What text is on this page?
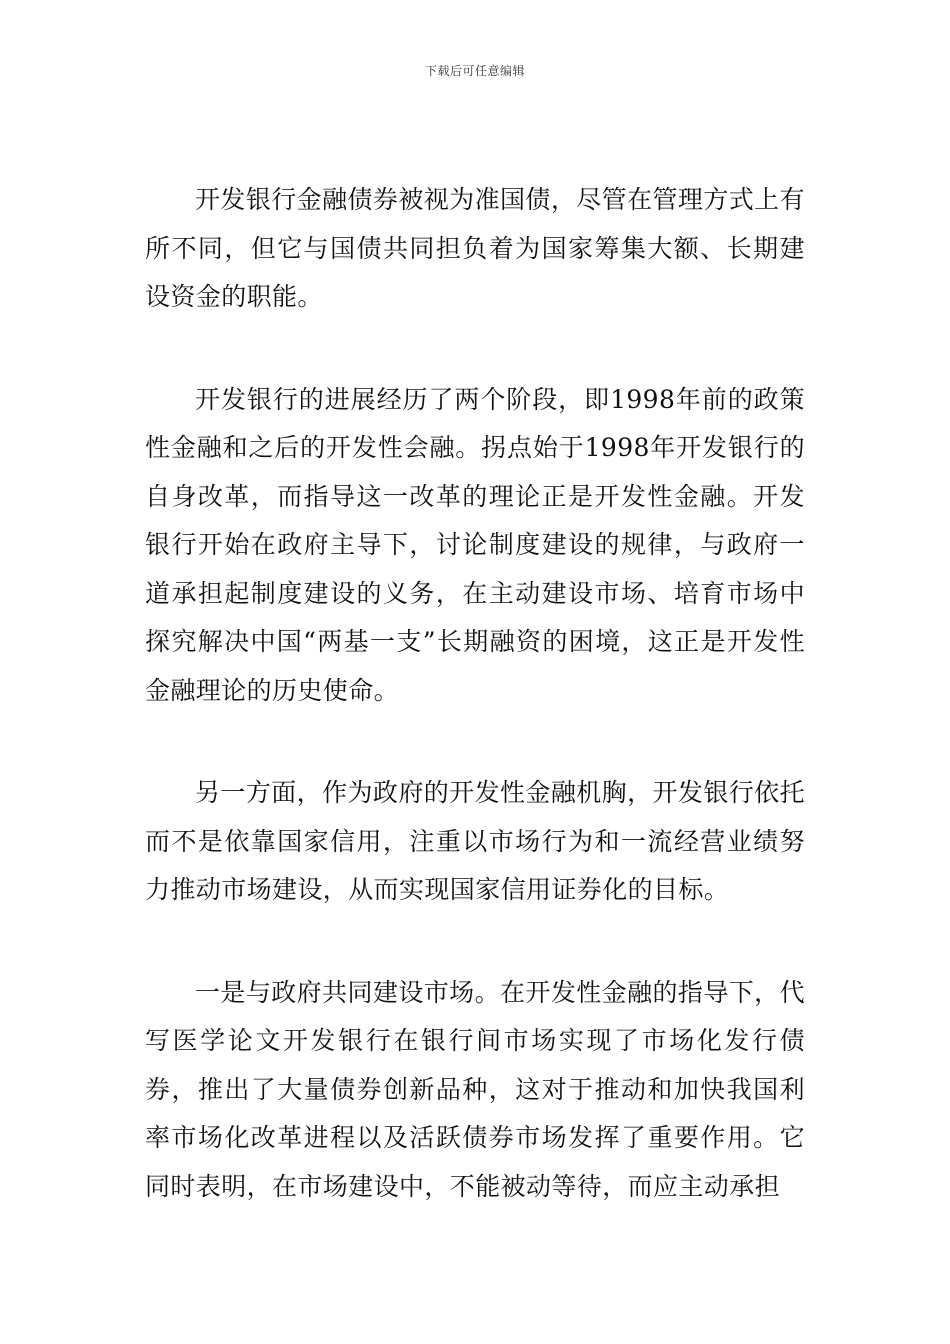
下载后可任意编辑

开发银行金融债券被视为准国债，尽管在管理方式上有所不同，但它与国债共同担负着为国家筹集大额、长期建设资金的职能。

开发银行的进展经历了两个阶段，即1998年前的政策性金融和之后的开发性会融。拐点始于1998年开发银行的自身改革，而指导这一改革的理论正是开发性金融。开发银行开始在政府主导下，讨论制度建设的规律，与政府一道承担起制度建设的义务，在主动建设市场、培育市场中探究解决中国“两基一支”长期融资的困境，这正是开发性金融理论的历史使命。

另一方面，作为政府的开发性金融机胸，开发银行依托而不是依靠国家信用，注重以市场行为和一流经营业绩努力推动市场建设，从而实现国家信用证券化的目标。

一是与政府共同建设市场。在开发性金融的指导下，代写医学论文开发银行在银行间市场实现了市场化发行债券，推出了大量债券创新品种，这对于推动和加快我国利率市场化改革进程以及活跃债券市场发挥了重要作用。它同时表明，在市场建设中，不能被动等待，而应主动承担
